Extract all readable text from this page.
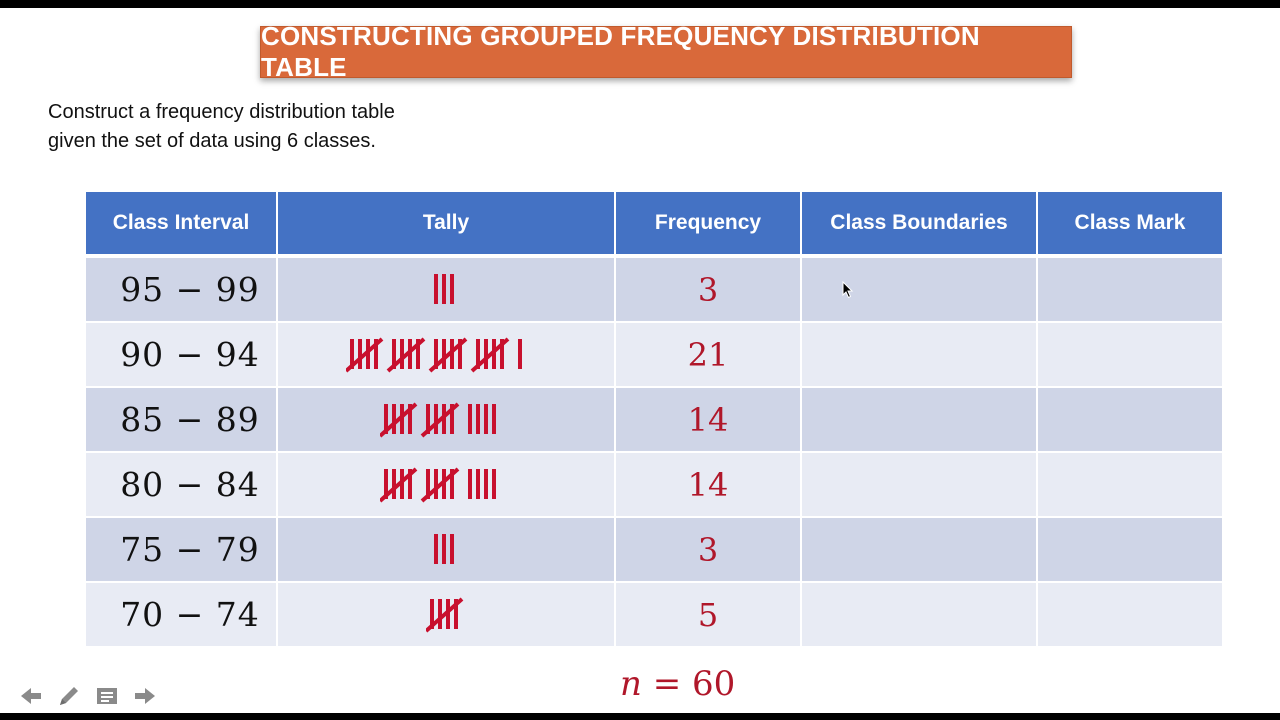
CONSTRUCTING GROUPED FREQUENCY DISTRIBUTION TABLE
Construct a frequency distribution table
given the set of data using 6 classes.
Class Interval	Tally	Frequency	Class Boundaries	Class Mark
95 − 99		3		
90 − 94		21		
85 − 89		14		
80 − 84		14		
75 − 79		3		
70 − 74		5		
n = 60
